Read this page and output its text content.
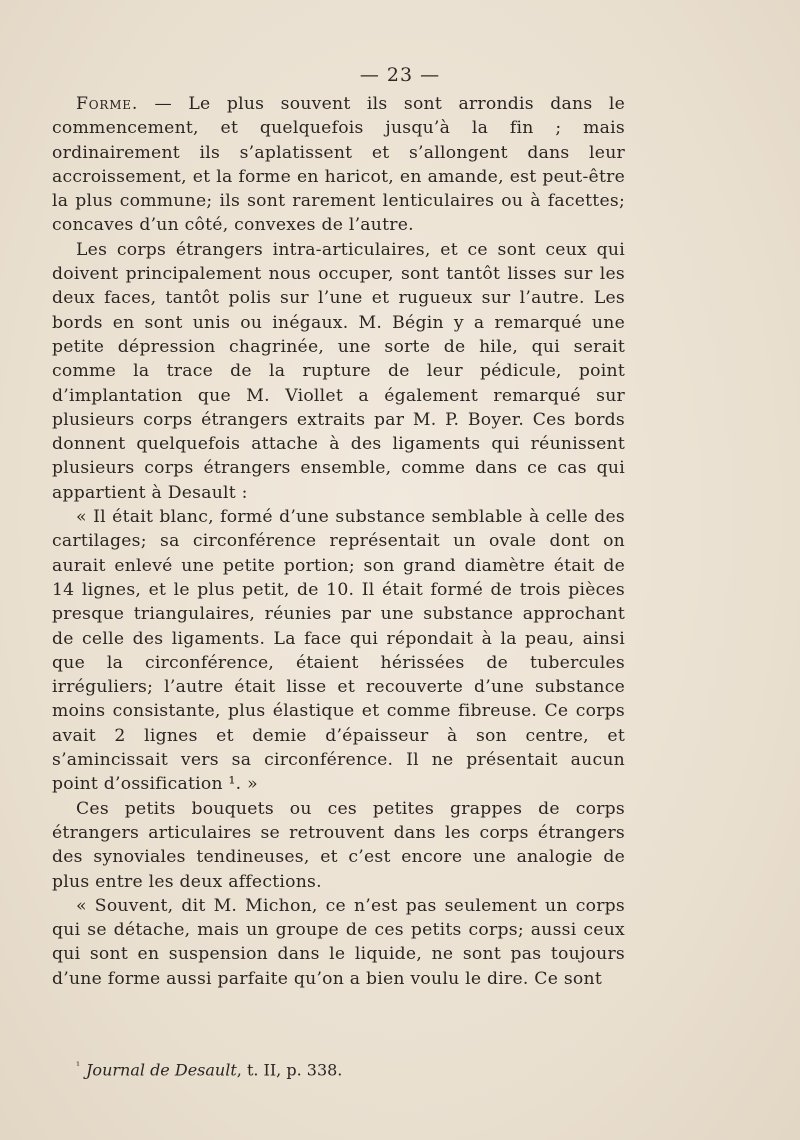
— 23 —

Forme. — Le plus souvent ils sont arrondis dans le commencement, et quelquefois jusqu’à la fin ; mais ordinairement ils s’aplatissent et s’allongent dans leur accroissement, et la forme en haricot, en amande, est peut-être la plus commune; ils sont rarement lenticulaires ou à facettes; concaves d’un côté, convexes de l’autre.

Les corps étrangers intra-articulaires, et ce sont ceux qui doivent principalement nous occuper, sont tantôt lisses sur les deux faces, tantôt polis sur l’une et rugueux sur l’autre. Les bords en sont unis ou inégaux. M. Bégin y a remarqué une petite dépression chagrinée, une sorte de hile, qui serait comme la trace de la rupture de leur pédicule, point d’implantation que M. Viollet a également remarqué sur plusieurs corps étrangers extraits par M. P. Boyer. Ces bords donnent quelquefois attache à des ligaments qui réunissent plusieurs corps étrangers ensemble, comme dans ce cas qui appartient à Desault :

« Il était blanc, formé d’une substance semblable à celle des cartilages; sa circonférence représentait un ovale dont on aurait enlevé une petite portion; son grand diamètre était de 14 lignes, et le plus petit, de 10. Il était formé de trois pièces presque triangulaires, réunies par une substance approchant de celle des ligaments. La face qui répondait à la peau, ainsi que la circonférence, étaient hérissées de tubercules irréguliers; l’autre était lisse et recouverte d’une substance moins consistante, plus élastique et comme fibreuse. Ce corps avait 2 lignes et demie d’épaisseur à son centre, et s’amincissait vers sa circonférence. Il ne présentait aucun point d’ossification ¹. »

Ces petits bouquets ou ces petites grappes de corps étrangers articulaires se retrouvent dans les corps étrangers des synoviales tendineuses, et c’est encore une analogie de plus entre les deux affections.

« Souvent, dit M. Michon, ce n’est pas seulement un corps qui se détache, mais un groupe de ces petits corps; aussi ceux qui sont en suspension dans le liquide, ne sont pas toujours d’une forme aussi parfaite qu’on a bien voulu le dire. Ce sont

$^{^1}$ Journal de Desault, t. II, p. 338.
